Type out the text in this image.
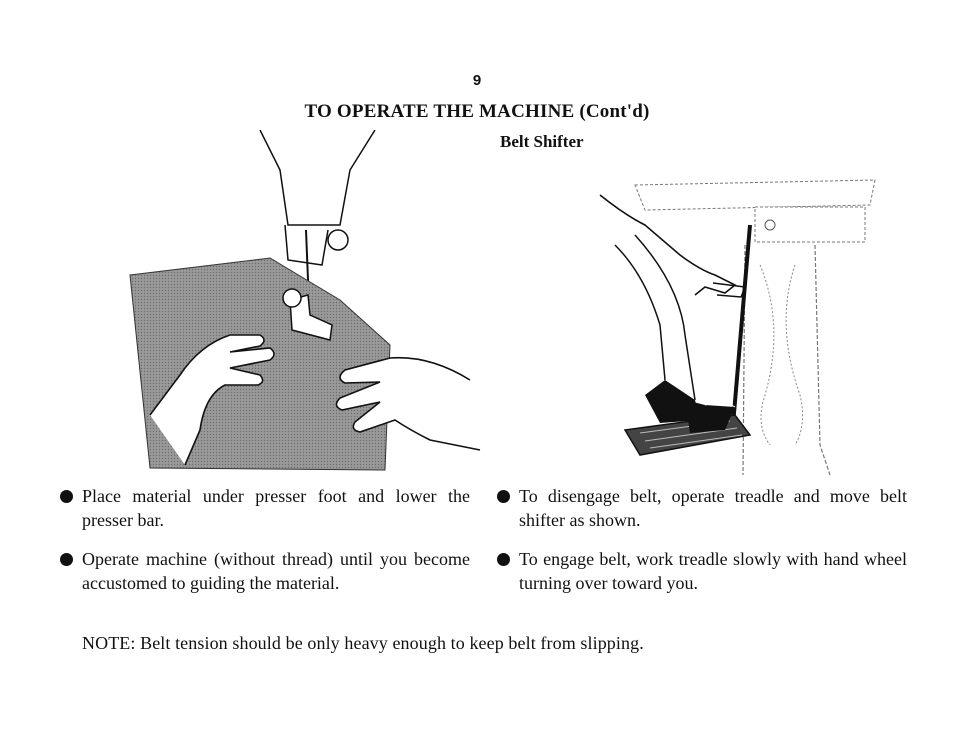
9
TO OPERATE THE MACHINE (Cont'd)
Belt Shifter
Place material under presser foot and lower the presser bar.
Operate machine (without thread) until you become accustomed to guiding the material.
To disengage belt, operate treadle and move belt shifter as shown.
To engage belt, work treadle slowly with hand wheel turning over toward you.
NOTE: Belt tension should be only heavy enough to keep belt from slipping.
